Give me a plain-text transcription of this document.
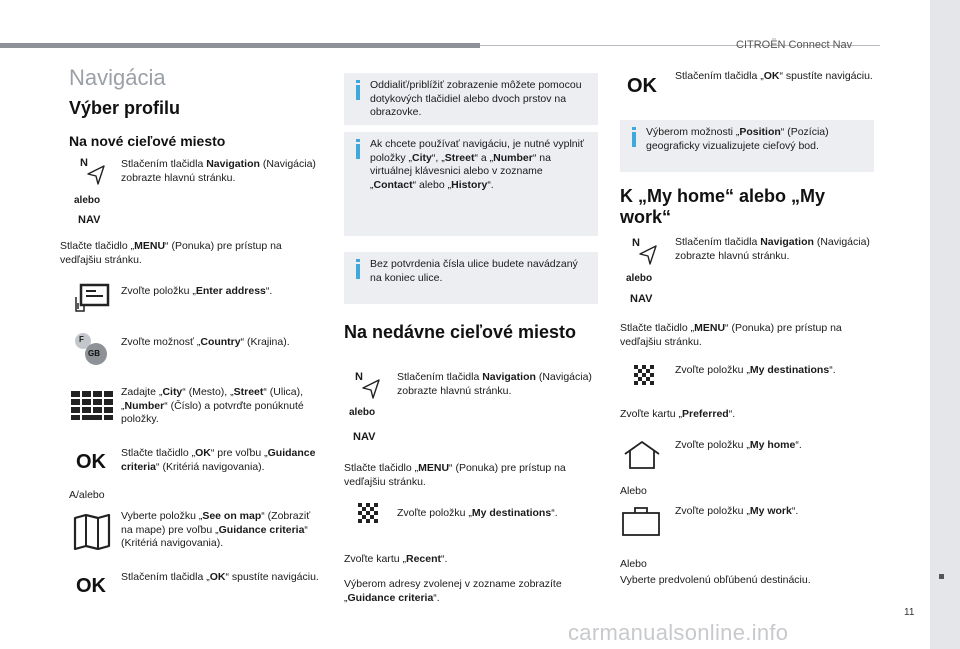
CITROËN Connect Nav
11
carmanualsonline.info
Navigácia
Výber profilu
Na nové cieľové miesto
N
alebo
NAV
Stlačením tlačidla Navigation (Navigácia) zobrazte hlavnú stránku.
Stlačte tlačidlo „MENU“ (Ponuka) pre prístup na vedľajšiu stránku.
Zvoľte položku „Enter address“.
F
GB
Zvoľte možnosť „Country“ (Krajina).
Zadajte „City“ (Mesto), „Street“ (Ulica), „Number“ (Číslo) a potvrďte ponúknuté položky.
OK Stlačte tlačidlo „OK“ pre voľbu „Guidance criteria“ (Kritériá navigovania).
A/alebo
Vyberte položku „See on map“ (Zobraziť na mape) pre voľbu „Guidance criteria“ (Kritériá navigovania).
OK Stlačením tlačidla „OK“ spustíte navigáciu.
Oddialiť/priblížiť zobrazenie môžete pomocou dotykových tlačidiel alebo dvoch prstov na obrazovke.
Ak chcete používať navigáciu, je nutné vyplniť položky „City“, „Street“ a „Number“ na virtuálnej klávesnici alebo v zozname „Contact“ alebo „History“.
Bez potvrdenia čísla ulice budete navádzaný na koniec ulice.
Na nedávne cieľové miesto
N
alebo
NAV
Stlačením tlačidla Navigation (Navigácia) zobrazte hlavnú stránku.
Stlačte tlačidlo „MENU“ (Ponuka) pre prístup na vedľajšiu stránku.
Zvoľte položku „My destinations“.
Zvoľte kartu „Recent“.
Výberom adresy zvolenej v zozname zobrazíte „Guidance criteria“.
OK Stlačením tlačidla „OK“ spustíte navigáciu.
Výberom možnosti „Position“ (Pozícia) geograficky vizualizujete cieľový bod.
K „My home“ alebo „My work“
N
alebo
NAV
Stlačením tlačidla Navigation (Navigácia) zobrazte hlavnú stránku.
Stlačte tlačidlo „MENU“ (Ponuka) pre prístup na vedľajšiu stránku.
Zvoľte položku „My destinations“.
Zvoľte kartu „Preferred“.
Zvoľte položku „My home“.
Alebo
Zvoľte položku „My work“.
Alebo
Vyberte predvolenú obľúbenú destináciu.
